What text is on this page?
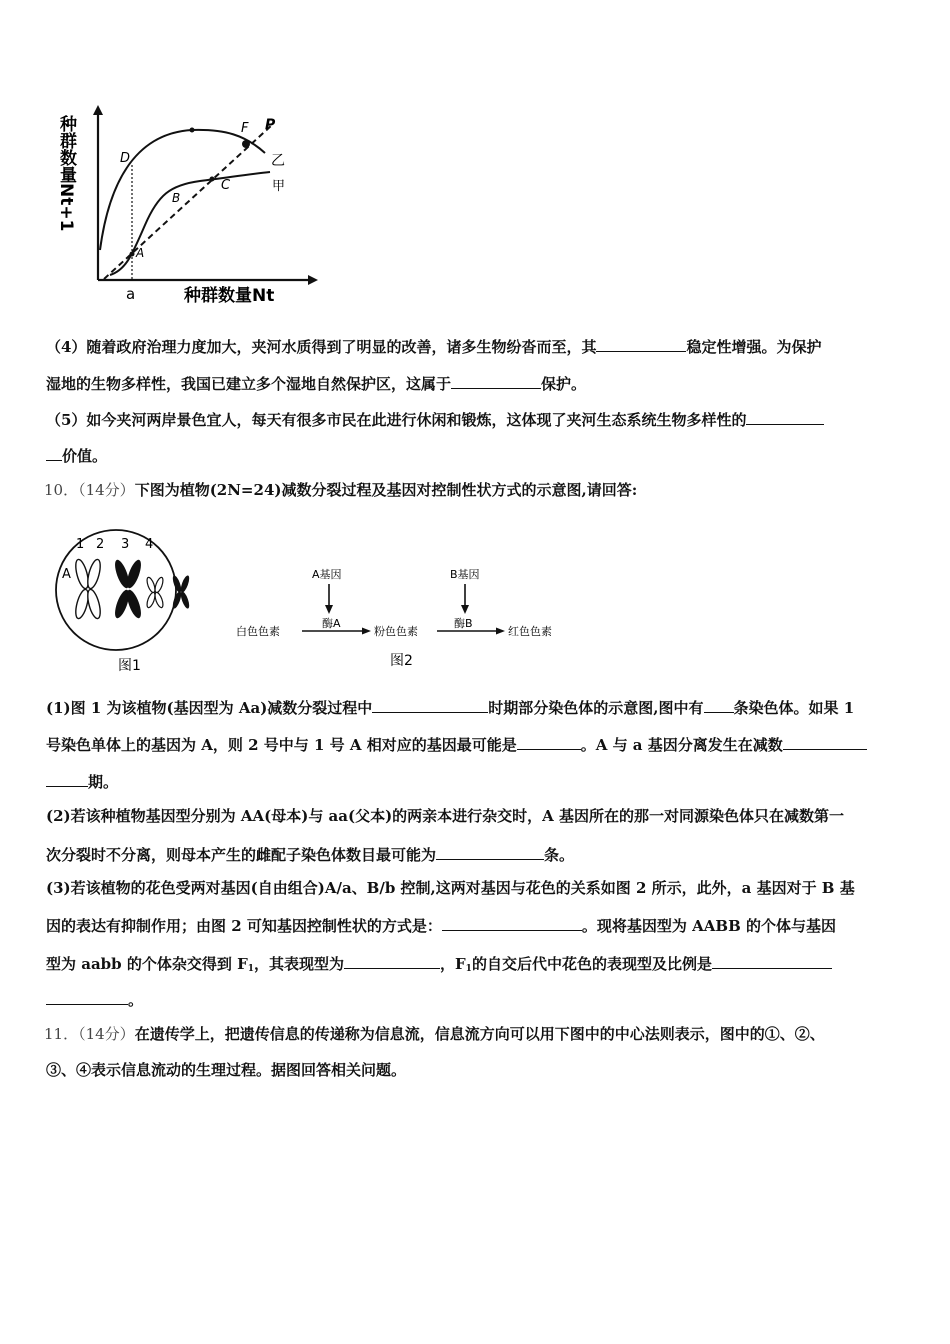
种群数量Nt+1
种群数量Nt
a
A
B
C
D
F P
乙
甲
（4）随着政府治理力度加大，夹河水质得到了明显的改善，诸多生物纷沓而至，其	稳定性增强。为保护
湿地的生物多样性，我国已建立多个湿地自然保护区，这属于	保护。
（5）如今夹河两岸景色宜人，每天有很多市民在此进行休闲和锻炼，这体现了夹河生态系统生物多样性的
价值。
10．（14分）下图为植物(2N=24)减数分裂过程及基因对控制性状方式的示意图,请回答:
1 2 3 4
A
图1
A基因	B基因
酶A	酶B
白色色素	粉色色素	红色色素
图2
(1)图 1 为该植物(基因型为 Aa)减数分裂过程中	时期部分染色体的示意图,图中有 条染色体。如果 1
号染色单体上的基因为 A，则 2 号中与 1 号 A 相对应的基因最可能是	。A 与 a 基因分离发生在减数
期。
(2)若该种植物基因型分别为 AA(母本)与 aa(父本)的两亲本进行杂交时，A 基因所在的那一对同源染色体只在减数第一
次分裂时不分离，则母本产生的雌配子染色体数目最可能为	条。
(3)若该植物的花色受两对基因(自由组合)A/a、B/b 控制,这两对基因与花色的关系如图 2 所示，此外，a 基因对于 B 基
因的表达有抑制作用；由图 2 可知基因控制性状的方式是：	。现将基因型为 AABB 的个体与基因
型为 aabb 的个体杂交得到 F1，其表现型为	，F1的自交后代中花色的表现型及比例是
。
11．（14分）在遗传学上，把遗传信息的传递称为信息流，信息流方向可以用下图中的中心法则表示，图中的①、②、
③、④表示信息流动的生理过程。据图回答相关问题。
